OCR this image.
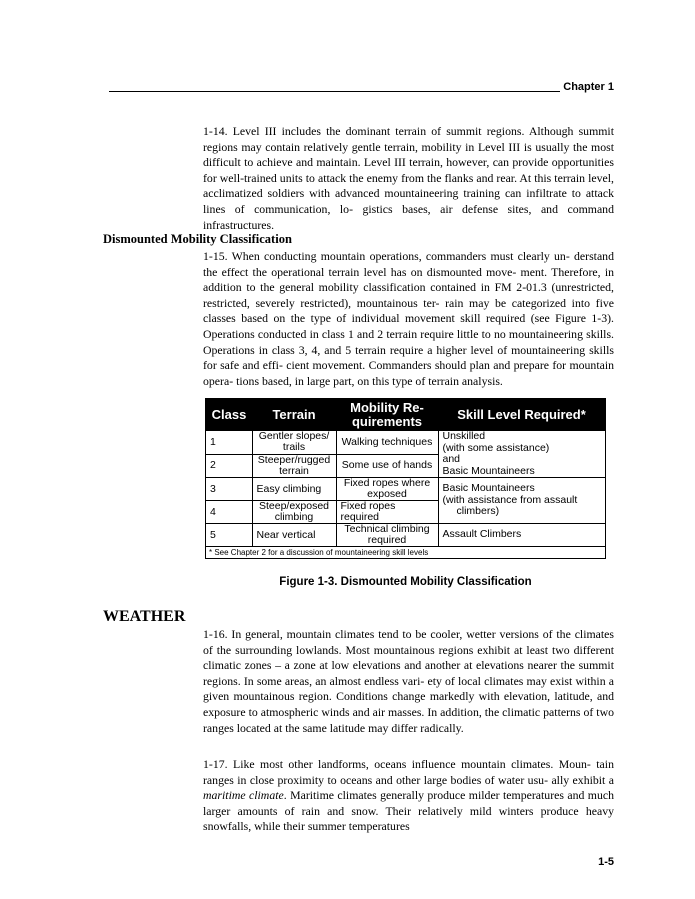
Chapter 1

1-14. Level III includes the dominant terrain of summit regions. Although summit regions may contain relatively gentle terrain, mobility in Level III is usually the most difficult to achieve and maintain. Level III terrain, however, can provide opportunities for well-trained units to attack the enemy from the flanks and rear. At this terrain level, acclimatized soldiers with advanced mountaineering training can infiltrate to attack lines of communication, lo- gistics bases, air defense sites, and command infrastructures.

Dismounted Mobility Classification

1-15. When conducting mountain operations, commanders must clearly un- derstand the effect the operational terrain level has on dismounted move- ment. Therefore, in addition to the general mobility classification contained in FM 2-01.3 (unrestricted, restricted, severely restricted), mountainous ter- rain may be categorized into five classes based on the type of individual movement skill required (see Figure 1-3). Operations conducted in class 1 and 2 terrain require little to no mountaineering skills. Operations in class 3, 4, and 5 terrain require a higher level of mountaineering skills for safe and effi- cient movement. Commanders should plan and prepare for mountain opera- tions based, in large part, on this type of terrain analysis.

Class	Terrain	Mobility Re-quirements	Skill Level Required*
1	Gentler slopes/ trails	Walking techniques	Unskilled
(with some assistance)
and
Basic Mountaineers

2	Steeper/rugged terrain	Some use of hands	
3	Easy climbing	Fixed ropes where exposed	Basic Mountaineers
(with assistance from assault
climbers)

4	Steep/exposed climbing	Fixed ropes required	
5	Near vertical	Technical climbing required	Assault Climbers

* See Chapter 2 for a discussion of mountaineering skill levels			
Figure 1-3. Dismounted Mobility Classification
WEATHER

1-16. In general, mountain climates tend to be cooler, wetter versions of the climates of the surrounding lowlands. Most mountainous regions exhibit at least two different climatic zones – a zone at low elevations and another at elevations nearer the summit regions. In some areas, an almost endless vari- ety of local climates may exist within a given mountainous region. Conditions change markedly with elevation, latitude, and exposure to atmospheric winds and air masses. In addition, the climatic patterns of two ranges located at the same latitude may differ radically.

1-17. Like most other landforms, oceans influence mountain climates. Moun- tain ranges in close proximity to oceans and other large bodies of water usu- ally exhibit a maritime climate. Maritime climates generally produce milder temperatures and much larger amounts of rain and snow. Their relatively mild winters produce heavy snowfalls, while their summer temperatures

1-5
